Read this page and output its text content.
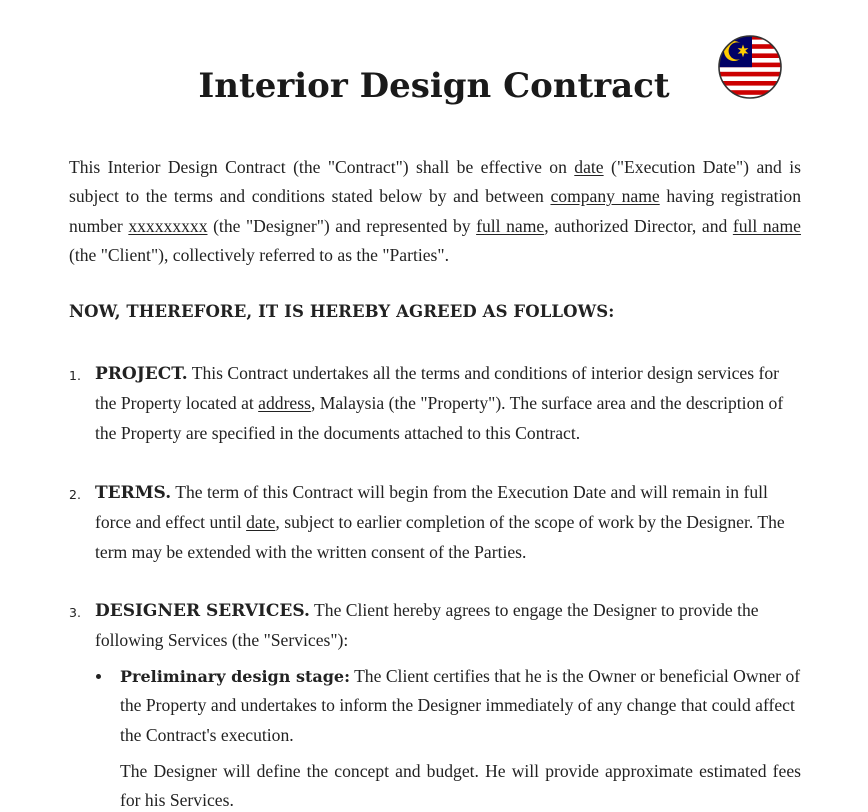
Interior Design Contract

This Interior Design Contract (the "Contract") shall be effective on date ("Execution Date") and is subject to the terms and conditions stated below by and between company name having registration number xxxxxxxxx (the "Designer") and represented by full name, authorized Director, and full name (the "Client"), collectively referred to as the "Parties".

NOW, THEREFORE, IT IS HEREBY AGREED AS FOLLOWS:

1. PROJECT. This Contract undertakes all the terms and conditions of interior design services for the Property located at address, Malaysia (the "Property"). The surface area and the description of the Property are specified in the documents attached to this Contract.

2. TERMS. The term of this Contract will begin from the Execution Date and will remain in full force and effect until date, subject to earlier completion of the scope of work by the Designer. The term may be extended with the written consent of the Parties.

3. DESIGNER SERVICES. The Client hereby agrees to engage the Designer to provide the following Services (the "Services"):

Preliminary design stage: The Client certifies that he is the Owner or beneficial Owner of the Property and undertakes to inform the Designer immediately of any change that could affect the Contract's execution.

The Designer will define the concept and budget. He will provide approximate estimated fees for his Services.
